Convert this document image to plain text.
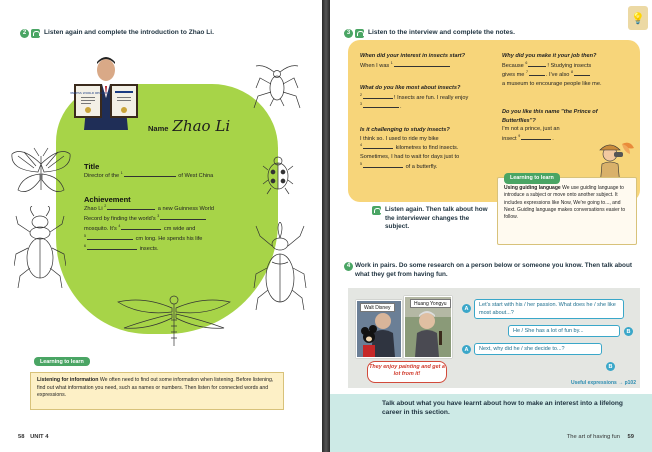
2	Listen again and complete the introduction to Zhao Li.
GUINNESS WORLD RECORDS
Name Zhao Li
Title
Director of the $^1$	of West China
Achievement
Zhao Li $^2$	a new Guinness World
Record by finding the world's $^3$
mosquito. It's $^4$	cm wide and
$^5$	cm long. He spends his life
$^6$	insects.
Learning to learn
Listening for information We often need to find out some information when listening. Before listening, find out what information you need, such as names or numbers. Then listen for connected words and expressions.
58 UNIT 4
3	Listen to the interview and complete the notes.
When did your interest in insects start?
When I was $^1$
What do you like most about insects?
$^2$	! Insects are fun. I really enjoy
$^3$	.
Is it challenging to study insects?
I think so. I used to ride my bike
$^4$	kilometres to find insects.
Sometimes, I had to wait for days just to
$^5$	of a butterfly.
Why did you make it your job then?
Because $^6$	! Studying insects
gives me $^7$	. I've also $^8$
a museum to encourage people like me.
Do you like this name "the Prince of
Butterflies"?
I'm not a prince, just an
insect $^9$	.
Learning to learn
Using guiding language We use guiding language to introduce a subject or move onto another subject. It includes expressions like Now, We're going to..., and Next. Guiding language makes conversations easier to follow.
Listen again. Then talk about how the interviewer changes the subject.
4 Work in pairs. Do some research on a person below or someone you know. Then talk about what they get from having fun.
Useful expressions → p102
Walt Disney
Huang Yongyu
They enjoy painting and get a lot from it!
A
Let's start with his / her passion. What does he / she like most about...?
He / She has a lot of fun by...	B
A	Next, why did he / she decide to...?
B
Talk about what you have learnt about how to make an interest into a lifelong career in this section.
The art of having fun 59
💡
